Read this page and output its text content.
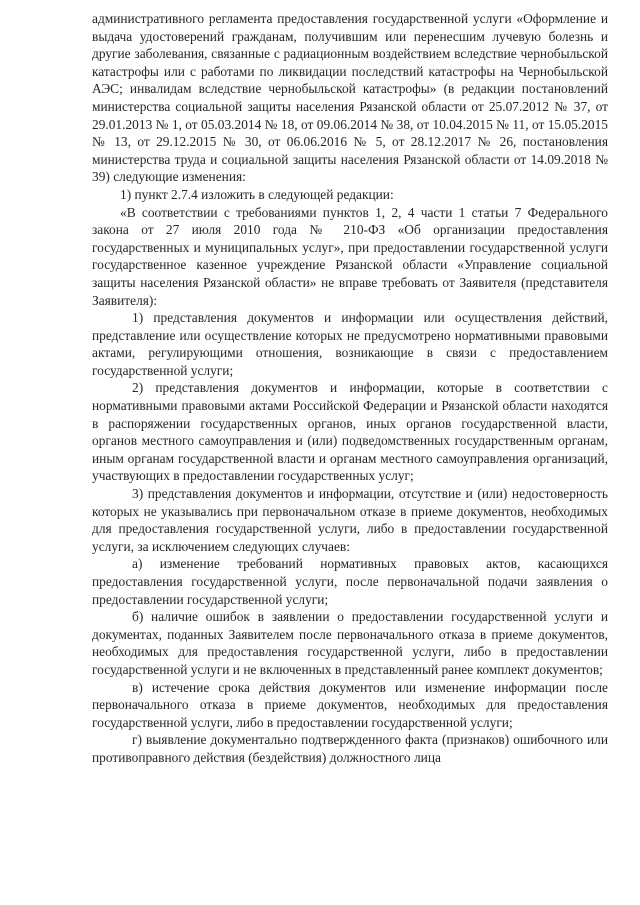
административного регламента предоставления государственной услуги «Оформление и выдача удостоверений гражданам, получившим или перенесшим лучевую болезнь и другие заболевания, связанные с радиационным воздействием вследствие чернобыльской катастрофы или с работами по ликвидации последствий катастрофы на Чернобыльской АЭС; инвалидам вследствие чернобыльской катастрофы» (в редакции постановлений министерства социальной защиты населения Рязанской области от 25.07.2012 № 37, от 29.01.2013 № 1, от 05.03.2014 № 18, от 09.06.2014 № 38, от 10.04.2015 № 11, от 15.05.2015 № 13, от 29.12.2015 № 30, от 06.06.2016 № 5, от 28.12.2017 № 26, постановления министерства труда и социальной защиты населения Рязанской области от 14.09.2018 № 39) следующие изменения:

1) пункт 2.7.4 изложить в следующей редакции:

«В соответствии с требованиями пунктов 1, 2, 4 части 1 статьи 7 Федерального закона от 27 июля 2010 года № 210-ФЗ «Об организации предоставления государственных и муниципальных услуг», при предоставлении государственной услуги государственное казенное учреждение Рязанской области «Управление социальной защиты населения Рязанской области» не вправе требовать от Заявителя (представителя Заявителя):

1) представления документов и информации или осуществления действий, представление или осуществление которых не предусмотрено нормативными правовыми актами, регулирующими отношения, возникающие в связи с предоставлением государственной услуги;

2) представления документов и информации, которые в соответствии с нормативными правовыми актами Российской Федерации и Рязанской области находятся в распоряжении государственных органов, иных органов государственной власти, органов местного самоуправления и (или) подведомственных государственным органам, иным органам государственной власти и органам местного самоуправления организаций, участвующих в предоставлении государственных услуг;

3) представления документов и информации, отсутствие и (или) недостоверность которых не указывались при первоначальном отказе в приеме документов, необходимых для предоставления государственной услуги, либо в предоставлении государственной услуги, за исключением следующих случаев:

а) изменение требований нормативных правовых актов, касающихся предоставления государственной услуги, после первоначальной подачи заявления о предоставлении государственной услуги;

б) наличие ошибок в заявлении о предоставлении государственной услуги и документах, поданных Заявителем после первоначального отказа в приеме документов, необходимых для предоставления государственной услуги, либо в предоставлении государственной услуги и не включенных в представленный ранее комплект документов;

в) истечение срока действия документов или изменение информации после первоначального отказа в приеме документов, необходимых для предоставления государственной услуги, либо в предоставлении государственной услуги;

г) выявление документально подтвержденного факта (признаков) ошибочного или противоправного действия (бездействия) должностного лица
